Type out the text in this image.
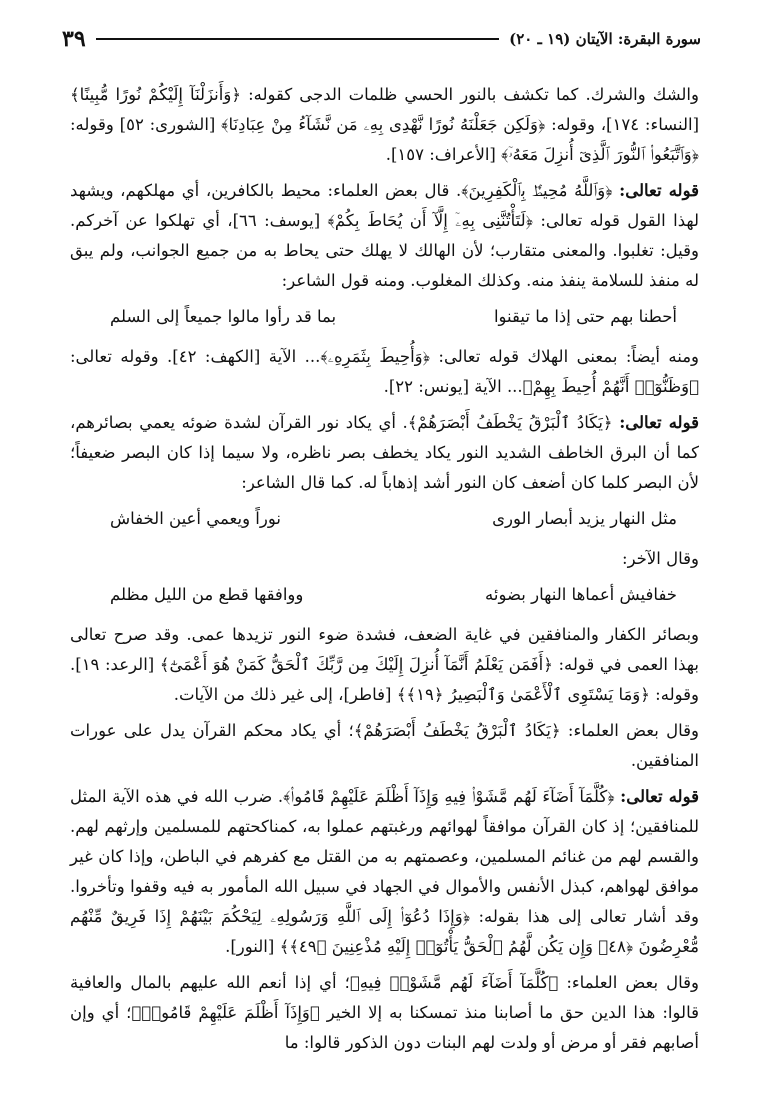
سورة البقرة: الآيتان (١٩ ـ ٢٠)
٣٩

والشك والشرك. كما تكشف بالنور الحسي ظلمات الدجى كقوله: ﴿وَأَنزَلْنَآ إِلَيْكُمْ نُورًا مُّبِينًا﴾ [النساء: ١٧٤]، وقوله: ﴿وَلَكِن جَعَلْنَهُ نُورًا نَّهْدِى بِهِۦ مَن نَّشَآءُ مِنْ عِبَادِنَا﴾ [الشورى: ٥٢] وقوله: ﴿وَٱتَّبَعُوا۟ ٱلنُّورَ ٱلَّذِىٓ أُنزِلَ مَعَهُۥٓ﴾ [الأعراف: ١٥٧].

قوله تعالى: ﴿وَٱللَّهُ مُحِيطٌۢ بِٱلْكَفِرِينَ﴾. قال بعض العلماء: محيط بالكافرين، أي مهلكهم، ويشهد لهذا القول قوله تعالى: ﴿لَتَأْتُنَّنِى بِهِۦٓ إِلَّآ أَن يُحَاطَ بِكُمْ﴾ [يوسف: ٦٦]، أي تهلكوا عن آخركم. وقيل: تغلبوا. والمعنى متقارب؛ لأن الهالك لا يهلك حتى يحاط به من جميع الجوانب، ولم يبق له منفذ للسلامة ينفذ منه. وكذلك المغلوب. ومنه قول الشاعر:

أحطنا بهم حتى إذا ما تيقنوا
بما قد رأوا مالوا جميعاً إلى السلم

ومنه أيضاً: بمعنى الهلاك قوله تعالى: ﴿وَأُحِيطَ بِثَمَرِهِۦ﴾... الآية [الكهف: ٤٢]. وقوله تعالى: ﴿وَظَنُّوٓا۟ أَنَّهُمْ أُحِيطَ بِهِمْ﴾... الآية [يونس: ٢٢].

قوله تعالى: ﴿يَكَادُ ٱلْبَرْقُ يَخْطَفُ أَبْصَرَهُمْ﴾. أي يكاد نور القرآن لشدة ضوئه يعمي بصائرهم، كما أن البرق الخاطف الشديد النور يكاد يخطف بصر ناظره، ولا سيما إذا كان البصر ضعيفاً؛ لأن البصر كلما كان أضعف كان النور أشد إذهاباً له. كما قال الشاعر:

مثل النهار يزيد أبصار الورى
نوراً ويعمي أعين الخفاش

وقال الآخر:

خفافيش أعماها النهار بضوئه
ووافقها قطع من الليل مظلم

وبصائر الكفار والمنافقين في غاية الضعف، فشدة ضوء النور تزيدها عمى. وقد صرح تعالى بهذا العمى في قوله: ﴿أَفَمَن يَعْلَمُ أَنَّمَآ أُنزِلَ إِلَيْكَ مِن رَّبِّكَ ٱلْحَقُّ كَمَنْ هُوَ أَعْمَىٰٓ﴾ [الرعد: ١٩]. وقوله: ﴿وَمَا يَسْتَوِى ٱلْأَعْمَىٰ وَٱلْبَصِيرُ ﴿١٩﴾﴾ [فاطر]، إلى غير ذلك من الآيات.

وقال بعض العلماء: ﴿يَكَادُ ٱلْبَرْقُ يَخْطَفُ أَبْصَرَهُمْ﴾؛ أي يكاد محكم القرآن يدل على عورات المنافقين.

قوله تعالى: ﴿كُلَّمَآ أَضَآءَ لَهُم مَّشَوْا۟ فِيهِ وَإِذَآ أَظْلَمَ عَلَيْهِمْ قَامُوا۟﴾. ضرب الله في هذه الآية المثل للمنافقين؛ إذ كان القرآن موافقاً لهوائهم ورغبتهم عملوا به، كمناكحتهم للمسلمين وإرثهم لهم. والقسم لهم من غنائم المسلمين، وعصمتهم به من القتل مع كفرهم في الباطن، وإذا كان غير موافق لهواهم، كبذل الأنفس والأموال في الجهاد في سبيل الله المأمور به فيه وقفوا وتأخروا. وقد أشار تعالى إلى هذا بقوله: ﴿وَإِذَا دُعُوٓا۟ إِلَى ٱللَّهِ وَرَسُولِهِۦ لِيَحْكُمَ بَيْنَهُمْ إِذَا فَرِيقٌ مِّنْهُم مُّعْرِضُونَ ﴿٤٨﴾ وَإِن يَكُن لَّهُمُ ٱلْحَقُّ يَأْتُوٓا۟ إِلَيْهِ مُذْعِنِينَ ﴿٤٩﴾﴾ [النور].

وقال بعض العلماء: ﴿كُلَّمَآ أَضَآءَ لَهُم مَّشَوْا۟ فِيهِ﴾؛ أي إذا أنعم الله عليهم بالمال والعافية قالوا: هذا الدين حق ما أصابنا منذ تمسكنا به إلا الخير ﴿وَإِذَآ أَظْلَمَ عَلَيْهِمْ قَامُوا۟﴾؛ أي وإن أصابهم فقر أو مرض أو ولدت لهم البنات دون الذكور قالوا: ما
